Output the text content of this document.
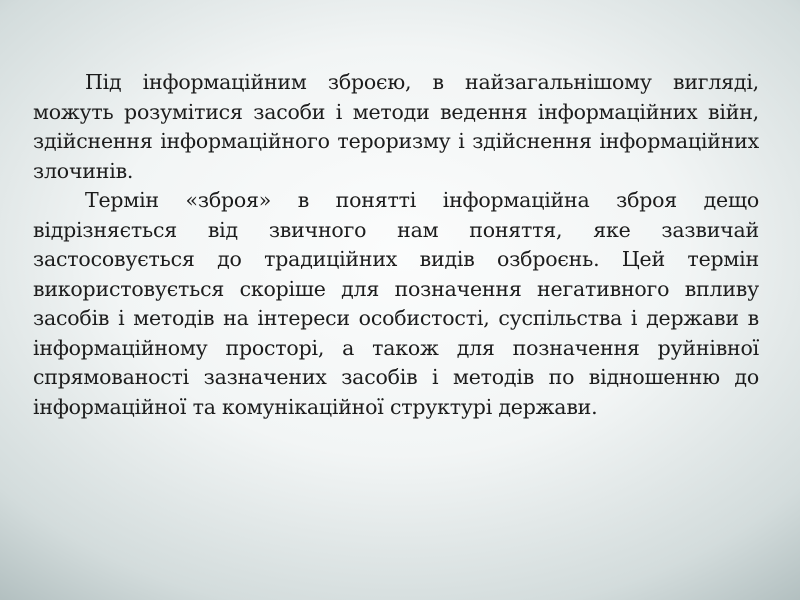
Під інформаційним зброєю, в найзагальнішому вигляді, можуть розумітися засоби і методи ведення інформаційних війн, здійснення інформаційного тероризму і здійснення інформаційних злочинів.

Термін «зброя» в понятті інформаційна зброя дещо відрізняється від звичного нам поняття, яке зазвичай застосовується до традиційних видів озброєнь. Цей термін використовується скоріше для позначення негативного впливу засобів і методів на інтереси особистості, суспільства і держави в інформаційному просторі, а також для позначення руйнівної спрямованості зазначених засобів і методів по відношенню до інформаційної та комунікаційної структурі держави.
